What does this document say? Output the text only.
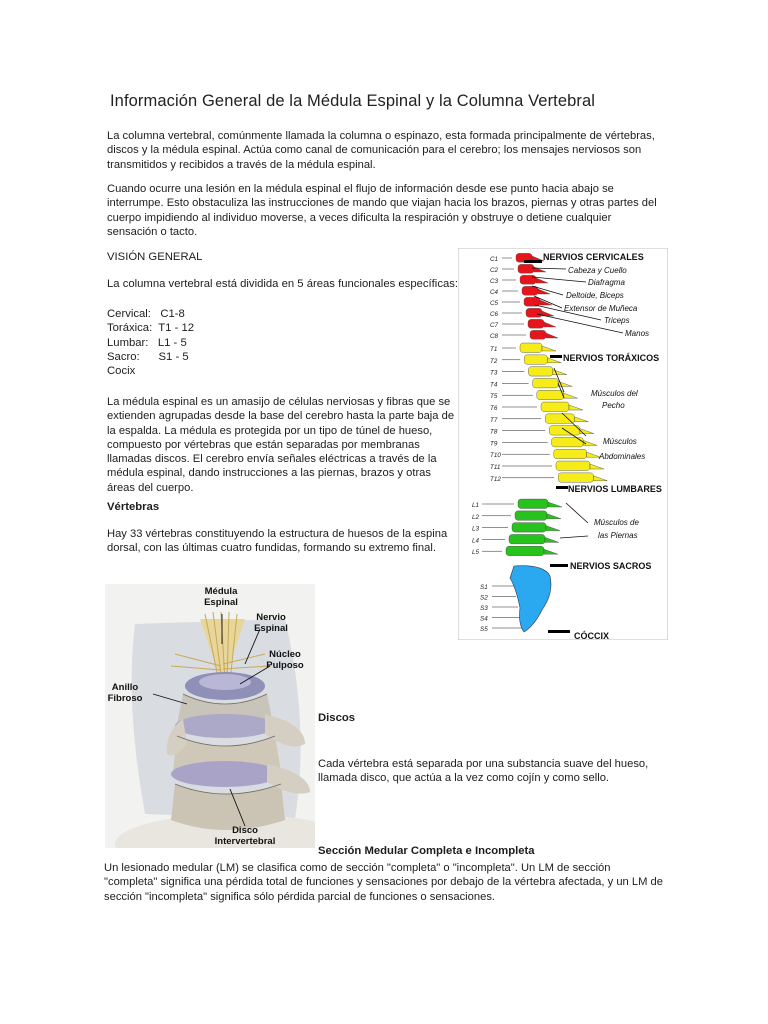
Información General de la Médula Espinal y la Columna Vertebral
La columna vertebral, comúnmente llamada la columna o espinazo, esta formada principalmente de vértebras, discos y la médula espinal. Actúa como canal de comunicación para el cerebro; los mensajes nerviosos son transmitidos y recibidos a través de la médula espinal.
Cuando ocurre una lesión en la médula espinal el flujo de información desde ese punto hacia abajo se interrumpe. Esto obstaculiza las instrucciones de mando que viajan hacia los brazos, piernas y otras partes del cuerpo impidiendo al individuo moverse, a veces dificulta la respiración y obstruye o detiene cualquier sensación o tacto.
VISIÓN GENERAL
La columna vertebral está dividida en 5 áreas funcionales específicas:
Cervical:   C1-8
Toráxica:  T1 - 12
Lumbar:   L1 - 5
Sacro:      S1 - 5
Cocix
La médula espinal es un amasijo de células nerviosas y fibras que se extienden agrupadas desde la base del cerebro hasta la parte baja de la espalda. La médula es protegida por un tipo de túnel de hueso, compuesto por vértebras que están separadas por membranas llamadas discos. El cerebro envía señales eléctricas a través de la médula espinal, dando instrucciones a las piernas, brazos y otras áreas del cuerpo.
Vértebras
Hay 33 vértebras constituyendo la estructura de huesos de la espina dorsal, con las últimas cuatro fundidas, formando su extremo final.
C1
C2
C3
C4
C5
C6
C7
C8
T1
T2
T3
T4
T5
T6
T7
T8
T9
T10
T11
T12
L1
L2
L3
L4
L5
S1
S2
S3
S4
S5
NERVIOS CERVICALES
NERVIOS TORÁXICOS
NERVIOS LUMBARES
NERVIOS SACROS
CÓCCIX
Cabeza y Cuello
Diafragma
Deltoide, Biceps
Extensor de Muñeca
Triceps
Manos
Músculos del
Pecho
Músculos
Abdominales
Músculos de
las Piernas
Médula
Espinal
Nervio
Espinal
Núcleo
Pulposo
Anillo
Fibroso
Disco
Intervertebral
Discos
Cada vértebra está separada por una substancia suave del hueso, llamada disco, que actúa a la vez como cojín y como sello.
Sección Medular Completa e Incompleta
Un lesionado medular (LM) se clasifica como de sección "completa" o "incompleta". Un LM de sección "completa" significa una pérdida total de funciones y sensaciones por debajo de la vértebra afectada, y un LM de sección "incompleta" significa sólo pérdida parcial de funciones o sensaciones.
